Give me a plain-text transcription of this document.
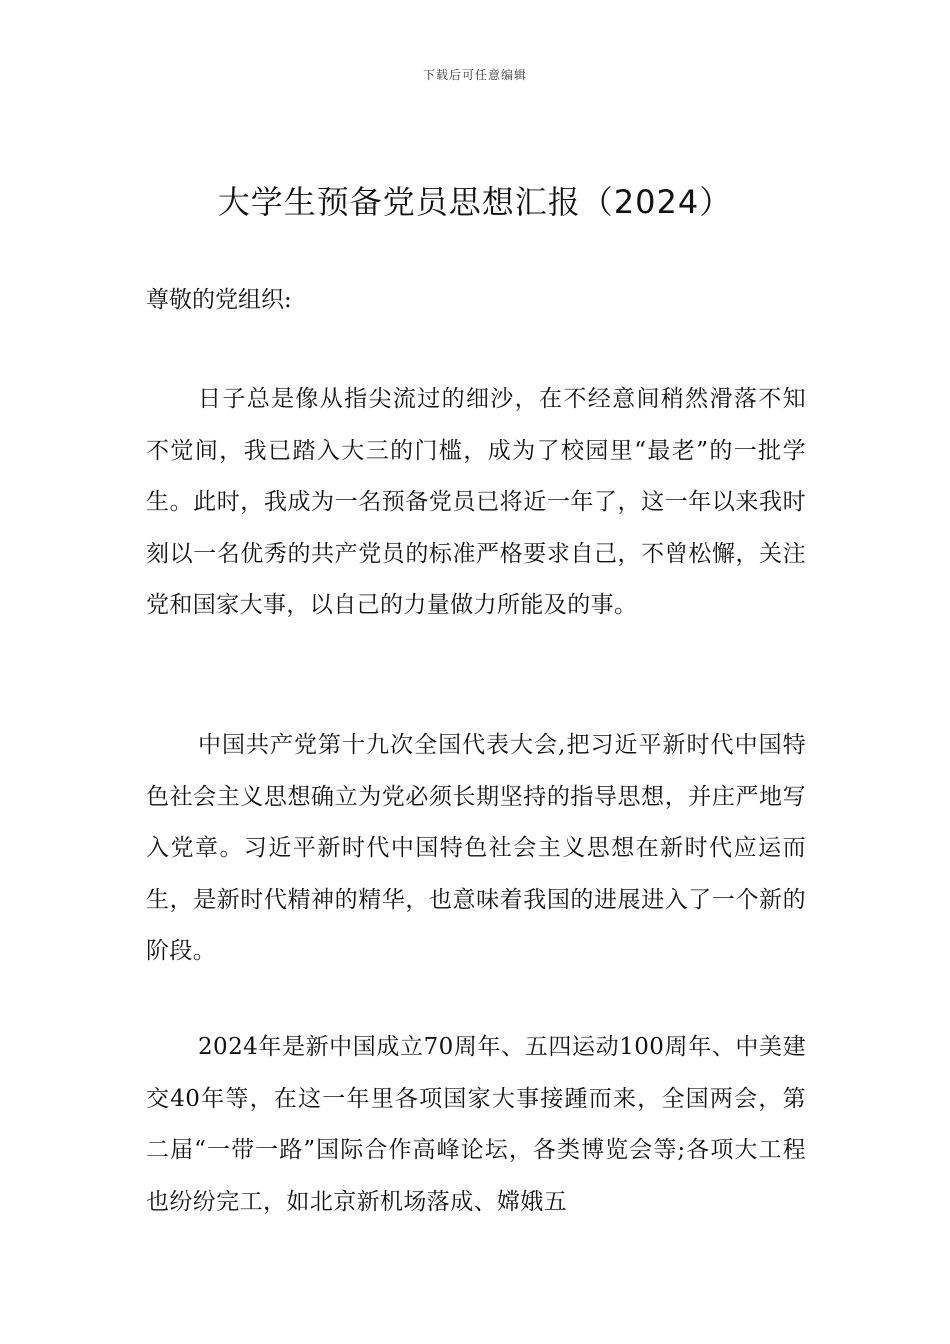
下载后可任意编辑
大学生预备党员思想汇报（2024）

尊敬的党组织:

日子总是像从指尖流过的细沙，在不经意间稍然滑落不知不觉间，我已踏入大三的门槛，成为了校园里“最老”的一批学生。此时，我成为一名预备党员已将近一年了，这一年以来我时刻以一名优秀的共产党员的标准严格要求自己，不曾松懈，关注党和国家大事，以自己的力量做力所能及的事。

中国共产党第十九次全国代表大会,把习近平新时代中国特色社会主义思想确立为党必须长期坚持的指导思想，并庄严地写入党章。习近平新时代中国特色社会主义思想在新时代应运而生，是新时代精神的精华，也意味着我国的进展进入了一个新的阶段。

2024年是新中国成立70周年、五四运动100周年、中美建交40年等，在这一年里各项国家大事接踵而来，全国两会，第二届“一带一路”国际合作高峰论坛，各类博览会等;各项大工程也纷纷完工，如北京新机场落成、嫦娥五
